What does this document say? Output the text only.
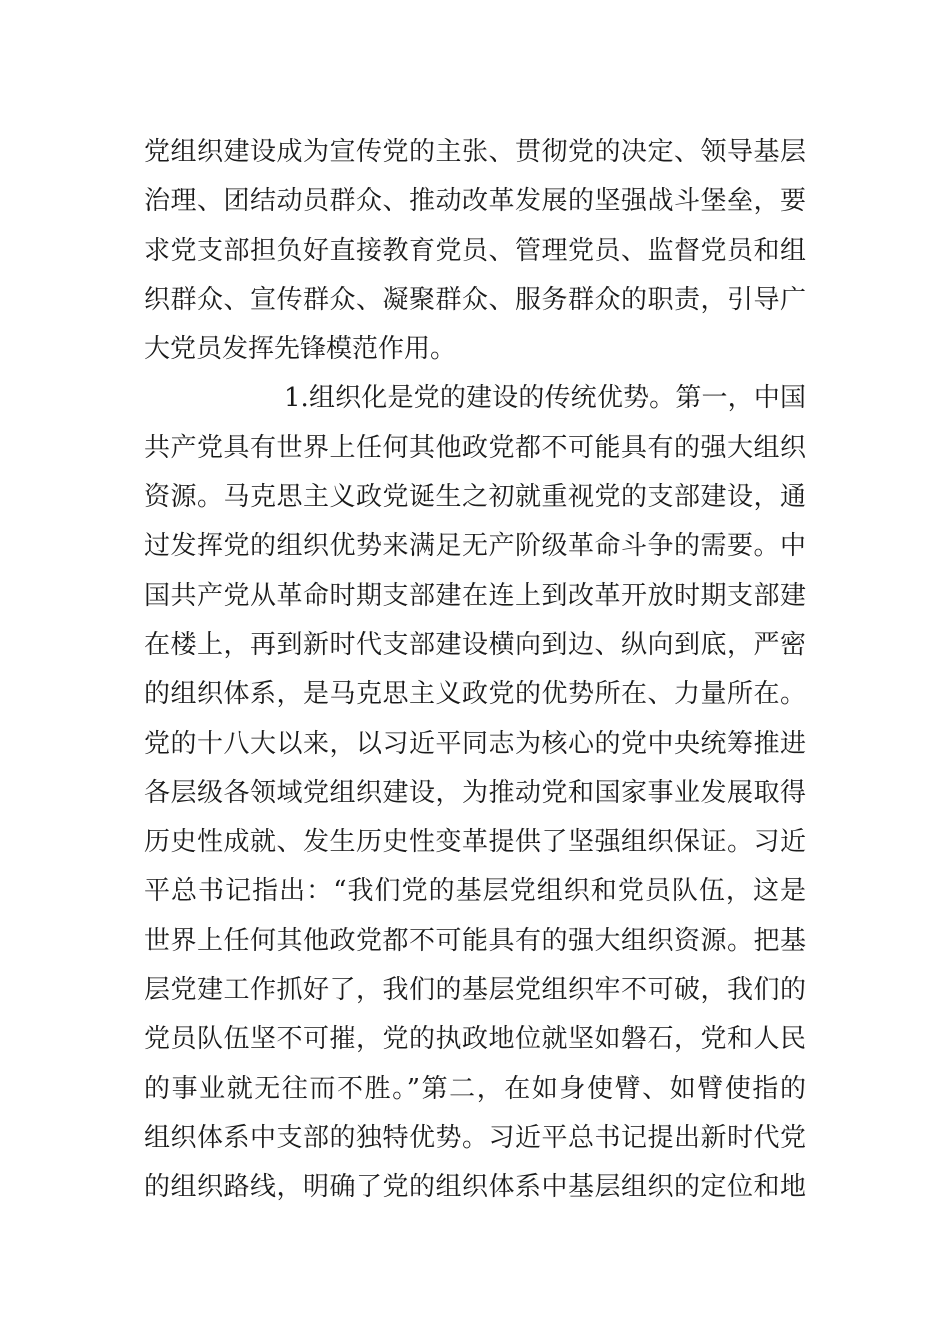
党组织建设成为宣传党的主张、贯彻党的决定、领导基层
治理、团结动员群众、推动改革发展的坚强战斗堡垒，要
求党支部担负好直接教育党员、管理党员、监督党员和组
织群众、宣传群众、凝聚群众、服务群众的职责，引导广
大党员发挥先锋模范作用。
1.组织化是党的建设的传统优势。第一，中国
共产党具有世界上任何其他政党都不可能具有的强大组织
资源。马克思主义政党诞生之初就重视党的支部建设，通
过发挥党的组织优势来满足无产阶级革命斗争的需要。中
国共产党从革命时期支部建在连上到改革开放时期支部建
在楼上，再到新时代支部建设横向到边、纵向到底，严密
的组织体系，是马克思主义政党的优势所在、力量所在。
党的十八大以来，以习近平同志为核心的党中央统筹推进
各层级各领域党组织建设，为推动党和国家事业发展取得
历史性成就、发生历史性变革提供了坚强组织保证。习近
平总书记指出：“我们党的基层党组织和党员队伍，这是
世界上任何其他政党都不可能具有的强大组织资源。把基
层党建工作抓好了，我们的基层党组织牢不可破，我们的
党员队伍坚不可摧，党的执政地位就坚如磐石，党和人民
的事业就无往而不胜。”第二，在如身使臂、如臂使指的
组织体系中支部的独特优势。习近平总书记提出新时代党
的组织路线，明确了党的组织体系中基层组织的定位和地
